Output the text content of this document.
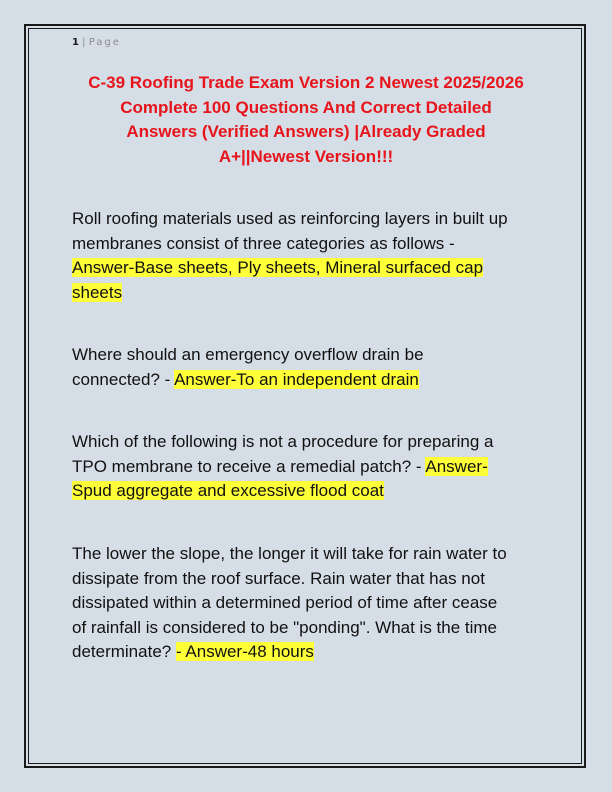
1 | Page
C-39 Roofing Trade Exam Version 2 Newest 2025/2026
Complete 100 Questions And Correct Detailed
Answers (Verified Answers) |Already Graded
A+||Newest Version!!!
Roll roofing materials used as reinforcing layers in built up
membranes consist of three categories as follows -
Answer-Base sheets, Ply sheets, Mineral surfaced cap
sheets
Where should an emergency overflow drain be
connected? - Answer-To an independent drain
Which of the following is not a procedure for preparing a
TPO membrane to receive a remedial patch? - Answer-
Spud aggregate and excessive flood coat
The lower the slope, the longer it will take for rain water to
dissipate from the roof surface. Rain water that has not
dissipated within a determined period of time after cease
of rainfall is considered to be "ponding". What is the time
determinate? - Answer-48 hours
